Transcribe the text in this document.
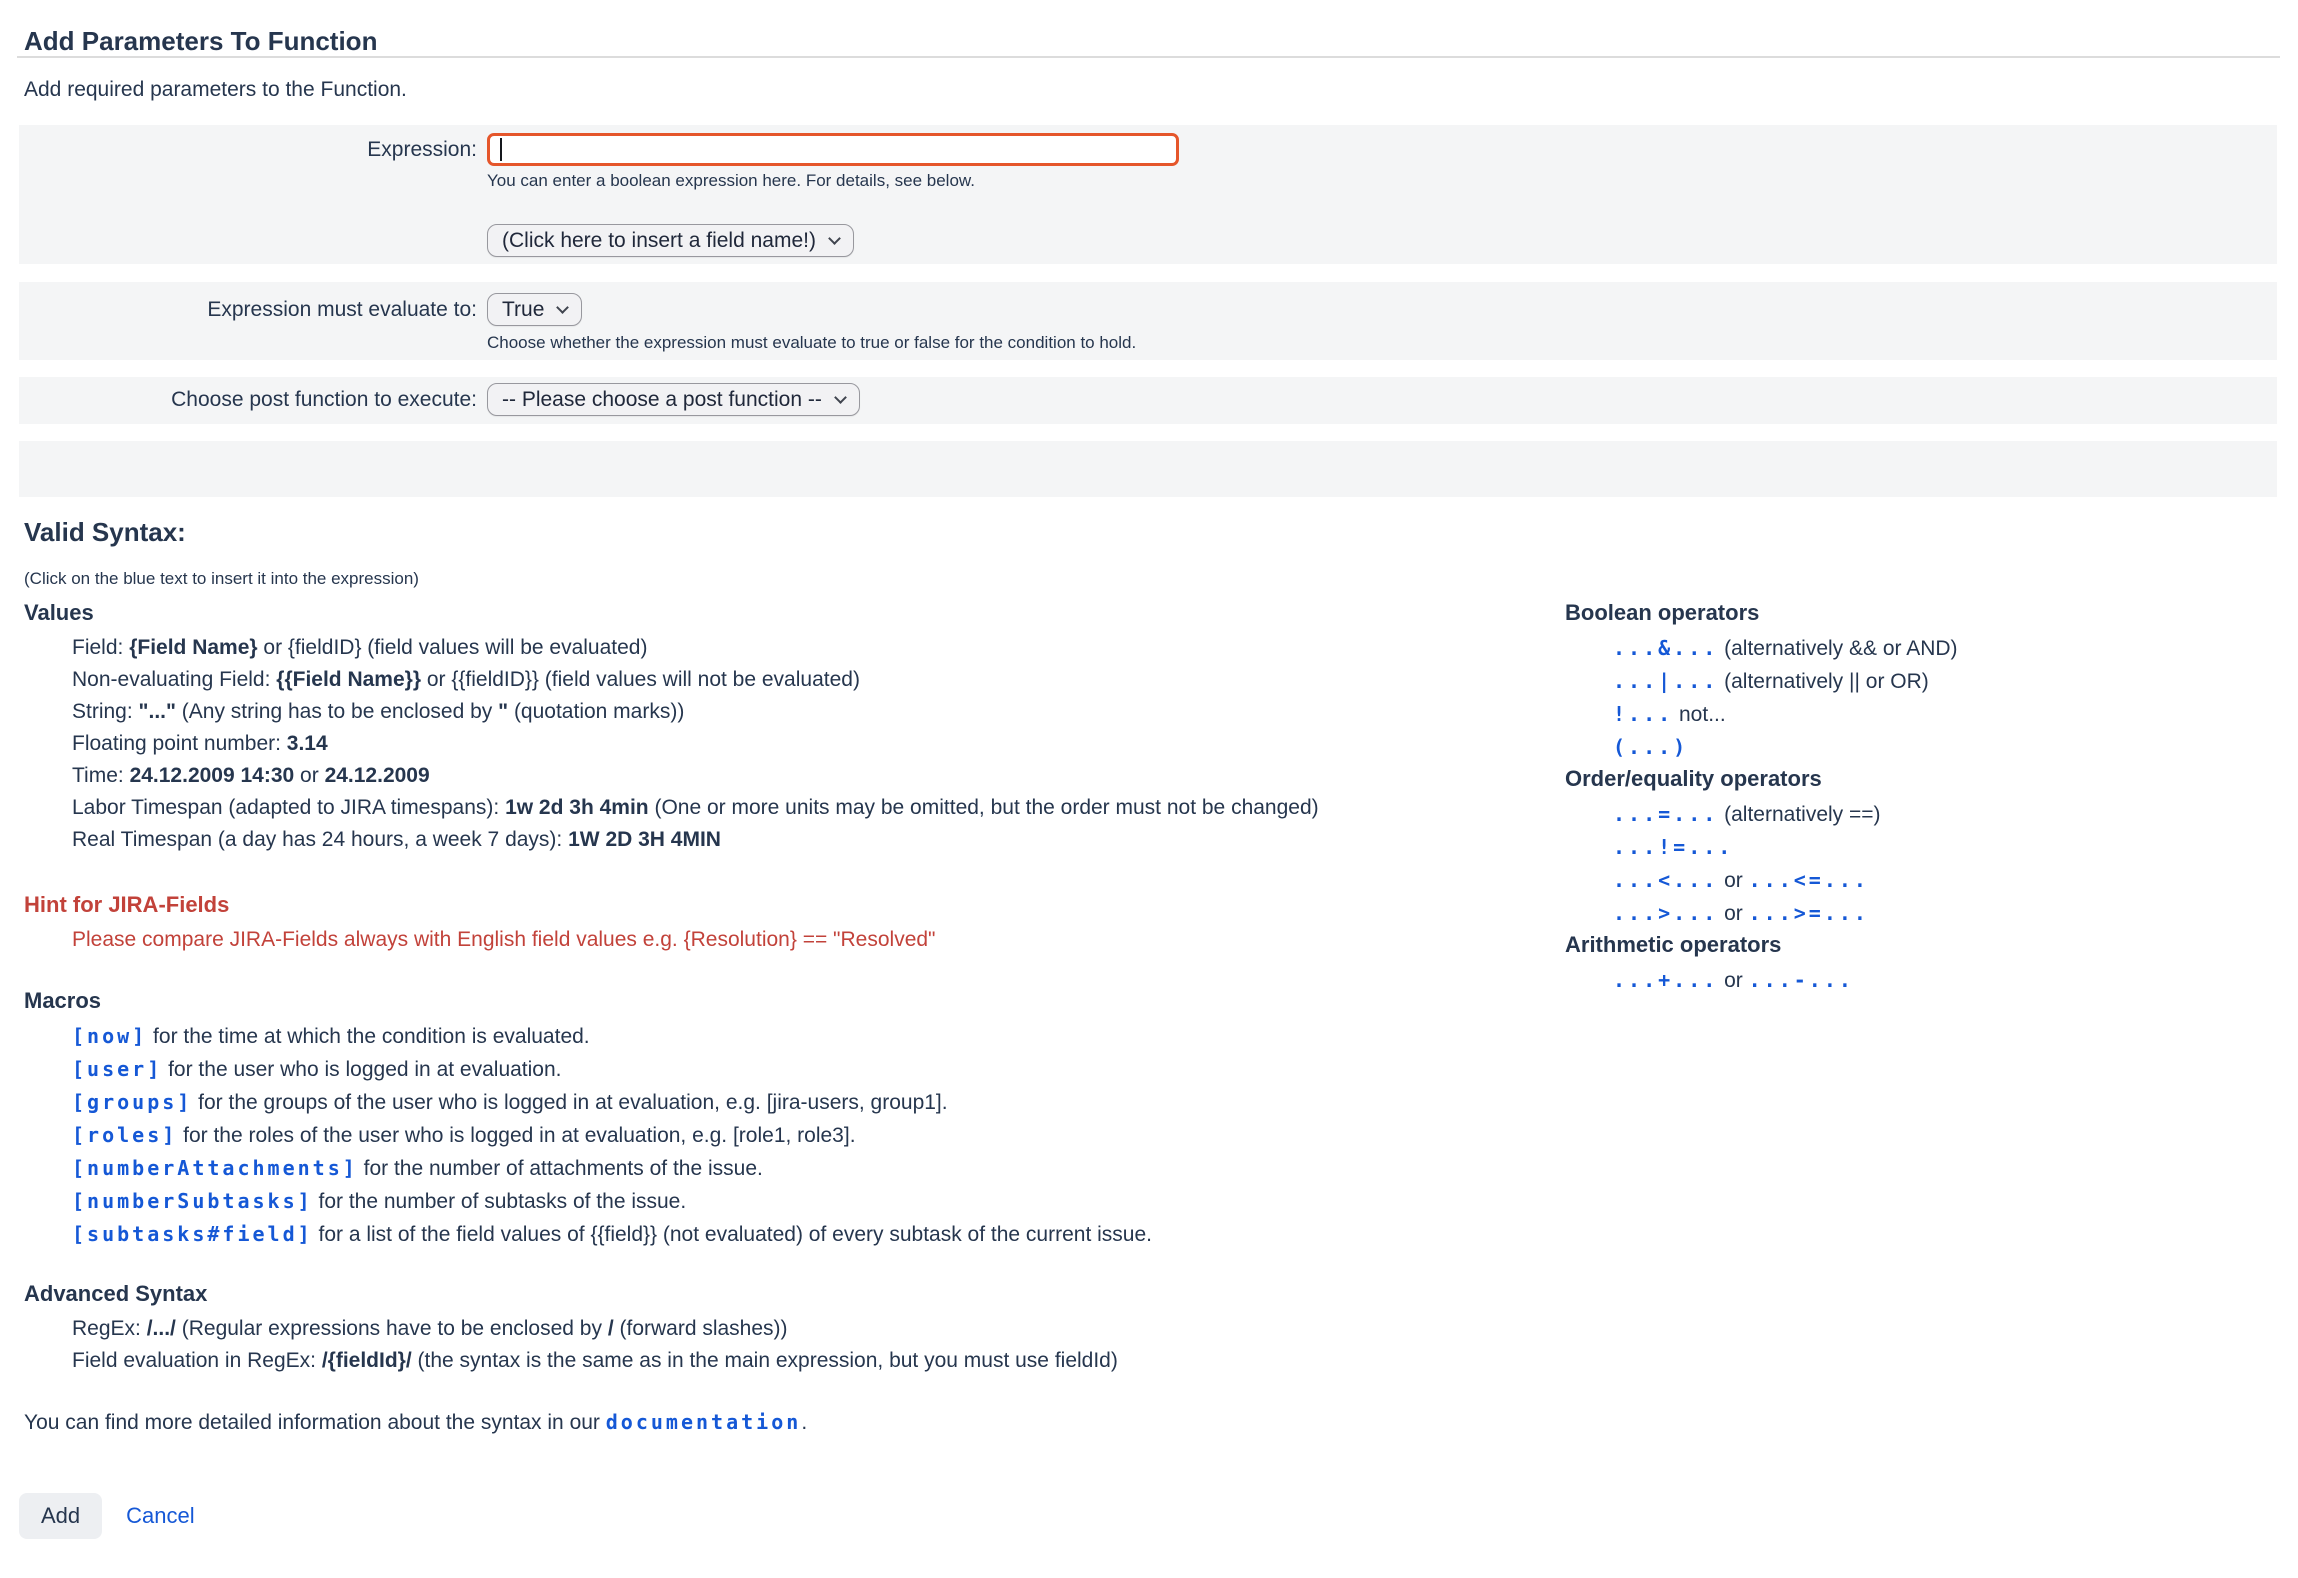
Add Parameters To Function

Add required parameters to the Function.

Expression:
You can enter a boolean expression here. For details, see below.
(Click here to insert a field name!)
Expression must evaluate to: True
Choose whether the expression must evaluate to true or false for the condition to hold.
Choose post function to execute: -- Please choose a post function --
Valid Syntax:

(Click on the blue text to insert it into the expression)

Values
Field: {Field Name} or {fieldID} (field values will be evaluated)
Non-evaluating Field: {{Field Name}} or {{fieldID}} (field values will not be evaluated)
String: "..." (Any string has to be enclosed by " (quotation marks))
Floating point number: 3.14
Time: 24.12.2009 14:30 or 24.12.2009
Labor Timespan (adapted to JIRA timespans): 1w 2d 3h 4min (One or more units may be omitted, but the order must not be changed)
Real Timespan (a day has 24 hours, a week 7 days): 1W 2D 3H 4MIN
Hint for JIRA-Fields
Please compare JIRA-Fields always with English field values e.g. {Resolution} == "Resolved"
Macros
[now] for the time at which the condition is evaluated.
[user] for the user who is logged in at evaluation.
[groups] for the groups of the user who is logged in at evaluation, e.g. [jira-users, group1].
[roles] for the roles of the user who is logged in at evaluation, e.g. [role1, role3].
[numberAttachments] for the number of attachments of the issue.
[numberSubtasks] for the number of subtasks of the issue.
[subtasks#field] for a list of the field values of {{field}} (not evaluated) of every subtask of the current issue.
Advanced Syntax
RegEx: /.../ (Regular expressions have to be enclosed by / (forward slashes))
Field evaluation in RegEx: /{fieldId}/ (the syntax is the same as in the main expression, but you must use fieldId)
Boolean operators
...&... (alternatively && or AND)
...|... (alternatively || or OR)
!... not...
(...)
Order/equality operators
...=... (alternatively ==)
...!=...
...<... or ...<=...
...>... or ...>=...
Arithmetic operators
...+... or ...-...

You can find more detailed information about the syntax in our documentation.

Add	Cancel
